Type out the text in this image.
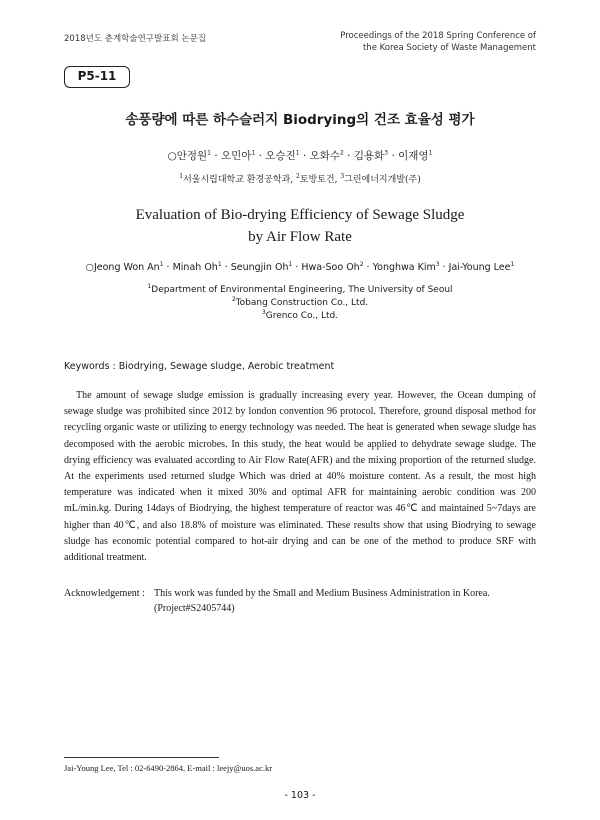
2018년도 춘계학술연구발표회 논문집	Proceedings of the 2018 Spring Conference of
the Korea Society of Waste Management
P5-11
송풍량에 따른 하수슬러지 Biodrying의 건조 효율성 평가
○안정원$^1$ · 오민아$^1$ · 오승진$^1$ · 오화수$^2$ · 김용화$^3$ · 이재영$^1$
$^1$서울시립대학교 환경공학과, $^2$토방토건, $^3$그린에너지개발(주)
Evaluation of Bio-drying Efficiency of Sewage Sludge
by Air Flow Rate
○Jeong Won $An^1$ · Minah $Oh^1$ · Seungjin $Oh^1 \cdot Hwa-Soo$ $Oh^2$ · Yonghwa Kim$^3$ · Jai-Young Lee$^1$
$^1$Department of Environmental Engineering, The University of Seoul
$^2$Tobang Construction Co., Ltd.
$^3$Grenco Co., Ltd.
Keywords : Biodrying, Sewage sludge, Aerobic treatment

The amount of sewage sludge emission is gradually increasing every year. However, the Ocean dumping of sewage sludge was prohibited since 2012 by london convention 96 protocol. Therefore, ground disposal method for recycling organic waste or utilizing to energy technology was needed. The heat is generated when sewage sludge has decomposed with the aerobic microbes. In this study, the heat would be applied to dehydrate sewage sludge. The drying efficiency was evaluated according to Air Flow Rate(AFR) and the mixing proportion of the returned sludge. At the experiments used returned sludge Which was dried at 40% moisture content. As a result, the most high temperature was indicated when it mixed 30% and optimal AFR for maintaining aerobic condition was 200 mL/min.kg. During 14days of Biodrying, the highest temperature of reactor was 46℃ and maintained 5~7days are higher than 40℃, and also 18.8% of moisture was eliminated. These results show that using Biodrying to sewage sludge has economic potential compared to hot-air drying and can be one of the method to produce SRF with additional treatment.

Acknowledgement : This work was funded by the Small and Medium Business Administration in Korea. (Project#S2405744)
Jai-Young Lee, Tel : 02-6490-2864, E-mail : leejy@uos.ac.kr
- 103 -
